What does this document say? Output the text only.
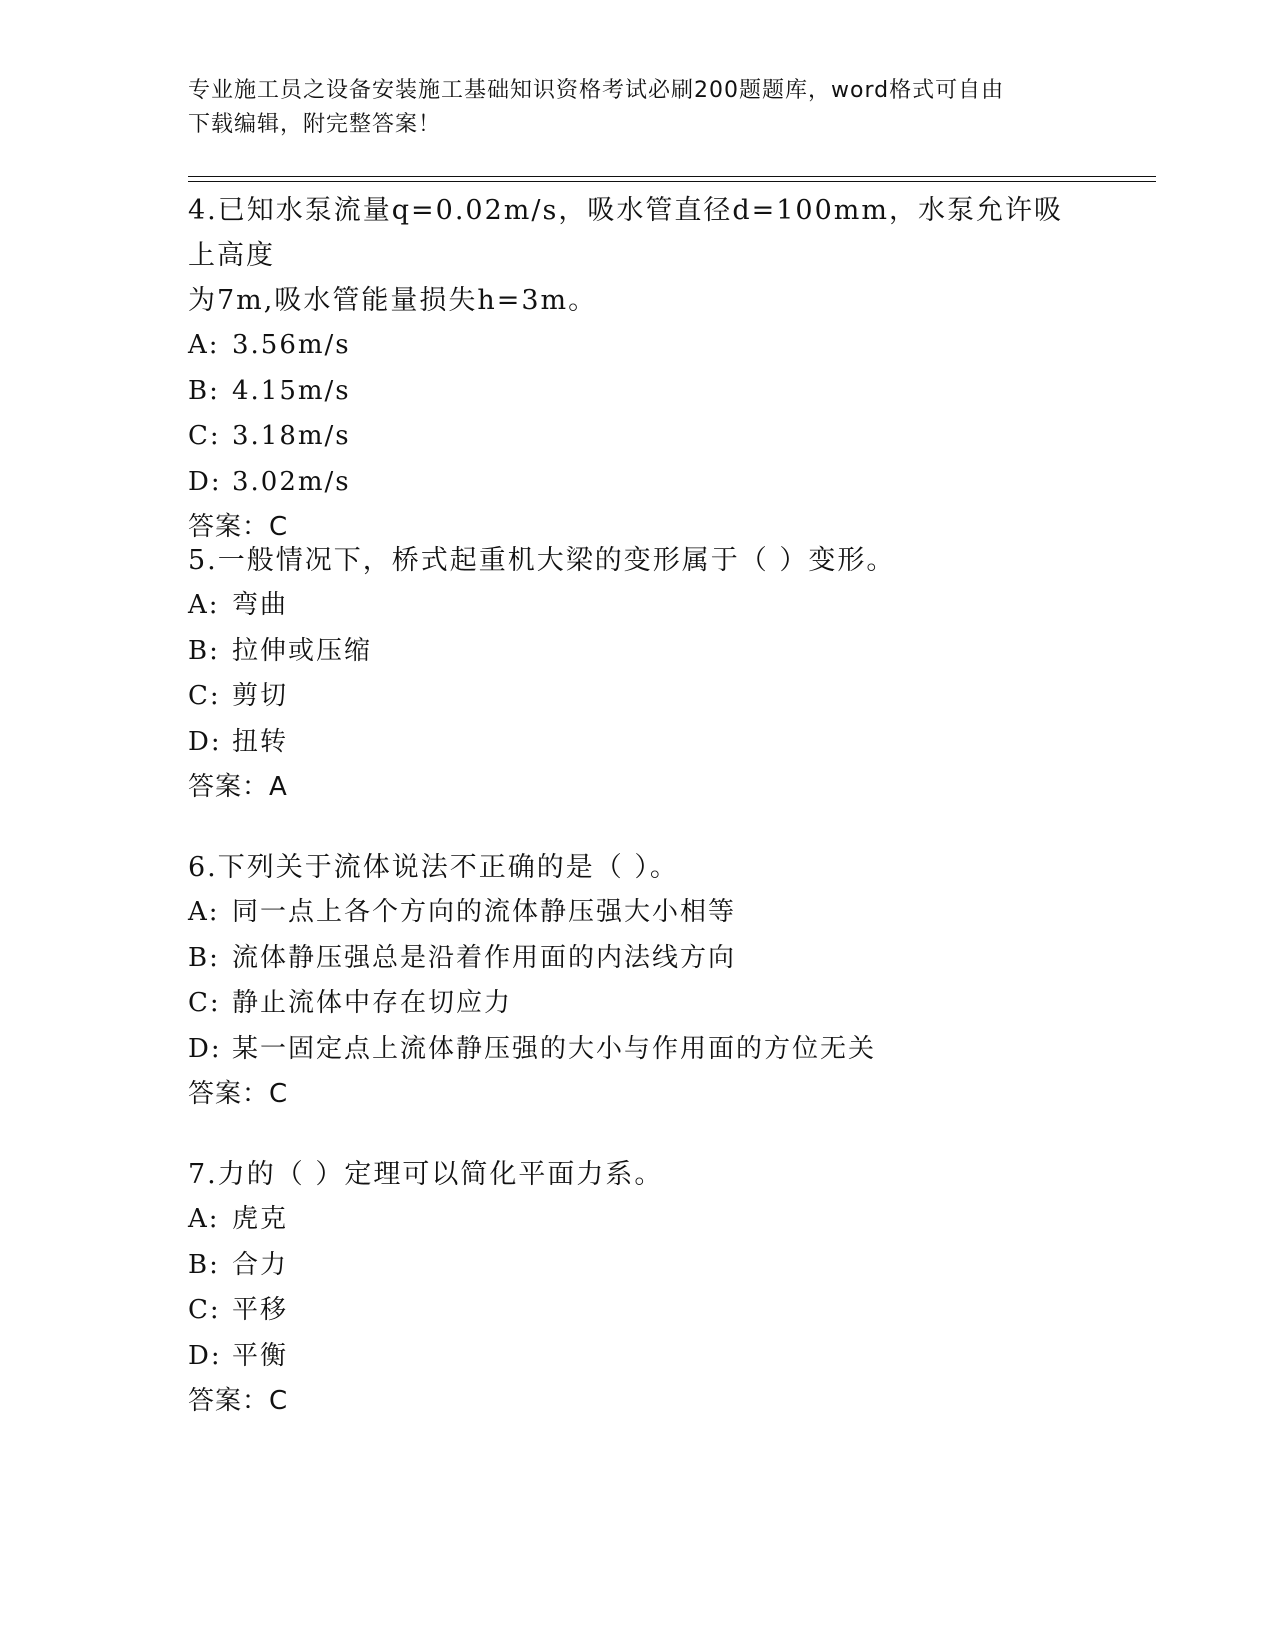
专业施工员之设备安装施工基础知识资格考试必刷200题题库，word格式可自由
下载编辑，附完整答案！
4.已知水泵流量q=0.02m/s，吸水管直径d=100mm，水泵允许吸上高度
为7m,吸水管能量损失h=3m。
A: 3.56m/s
B: 4.15m/s
C: 3.18m/s
D: 3.02m/s
答案：C
5.一般情况下，桥式起重机大梁的变形属于（ ）变形。
A: 弯曲
B: 拉伸或压缩
C: 剪切
D: 扭转
答案：A
6.下列关于流体说法不正确的是（ ）。
A: 同一点上各个方向的流体静压强大小相等
B: 流体静压强总是沿着作用面的内法线方向
C: 静止流体中存在切应力
D: 某一固定点上流体静压强的大小与作用面的方位无关
答案：C
7.力的（ ）定理可以简化平面力系。
A: 虎克
B: 合力
C: 平移
D: 平衡
答案：C
